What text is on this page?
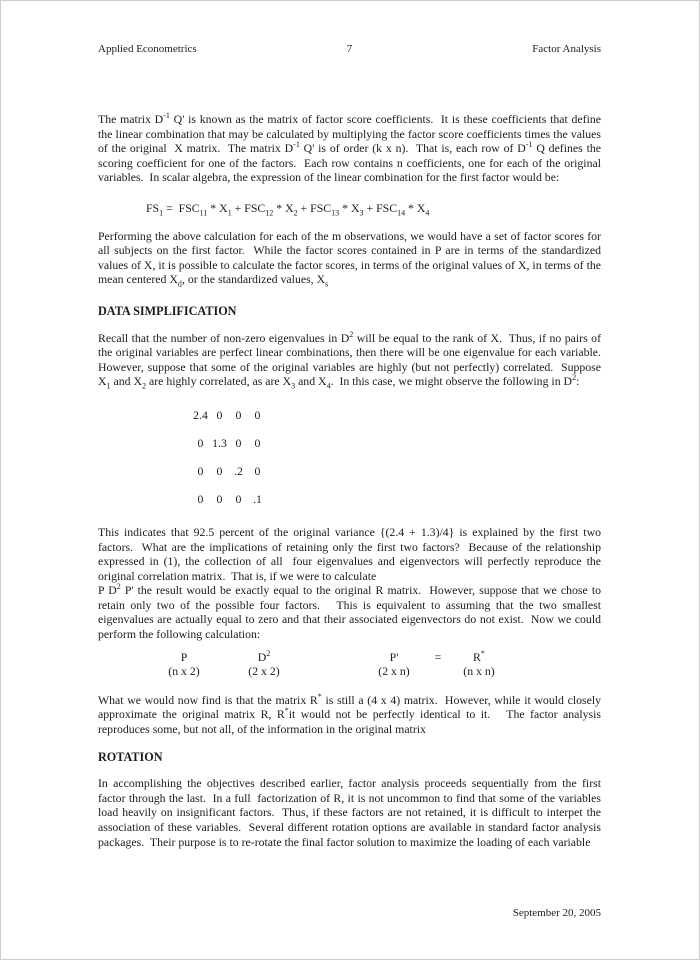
Applied Econometrics	7	Factor Analysis

The matrix $D^{-1}$ Q' is known as the matrix of factor score coefficients.  It is these coefficients that define the linear combination that may be calculated by multiplying the factor score coefficients times the values of the original  X matrix.  The matrix $D^{-1}$ Q' is of order (k x n).  That is, each row of $D^{-1}$ Q defines the scoring coefficient for one of the factors.  Each row contains n coefficients, one for each of the original variables.  In scalar algebra, the expression of the linear combination for the first factor would be:

$FS_1 = FSC_{11} * X_1 + FSC_{12} * X_2 + FSC_{13} * X_3 + FSC_{14} * X_4$

Performing the above calculation for each of the m observations, we would have a set of factor scores for all subjects on the first factor.  While the factor scores contained in P are in terms of the standardized values of X, it is possible to calculate the factor scores, in terms of the original values of X, in terms of the mean centered $X_d$, or the standardized values, $X_s$

DATA SIMPLIFICATION

Recall that the number of non-zero eigenvalues in $D^2$ will be equal to the rank of X.  Thus, if no pairs of the original variables are perfect linear combinations, then there will be one eigenvalue for each variable.  However, suppose that some of the original variables are highly (but not perfectly) correlated.  Suppose $X_1$ and $X_2$ are highly correlated, as are $X_3$ and $X_4$.  In this case, we might observe the following in $D^2$:

2.4 0	0	0
0 1.3 0	0
0	0 .2 0
0	0	0 .1

This indicates that 92.5 percent of the original variance {(2.4 + 1.3)/4} is explained by the first two factors.  What are the implications of retaining only the first two factors?  Because of the relationship expressed in (1), the collection of all  four eigenvalues and eigenvectors will perfectly reproduce the original correlation matrix.  That is, if we were to calculate

P $D^2$ P' the result would be exactly equal to the original R matrix.  However, suppose that we chose to retain only two of the possible four factors.   This is equivalent to assuming that the two smallest eigenvalues are actually equal to zero and that their associated eigenvectors do not exist.  Now we could perform the following calculation:

P
(n x 2)
$D^2$
(2 x 2)
P'
(2 x n)
=	R*
(n x n)

What we would now find is that the matrix R* is still a (4 x 4) matrix.  However, while it would closely approximate the original matrix R, R*it would not be perfectly identical to it.   The factor analysis reproduces some, but not all, of the information in the original matrix

ROTATION

In accomplishing the objectives described earlier, factor analysis proceeds sequentially from the first factor through the last.  In a full  factorization of R, it is not uncommon to find that some of the variables load heavily on insignificant factors.  Thus, if these factors are not retained, it is difficult to interpet the association of these variables.  Several different rotation options are available in standard factor analysis packages.  Their purpose is to re-rotate the final factor solution to maximize the loading of each variable

September 20, 2005
